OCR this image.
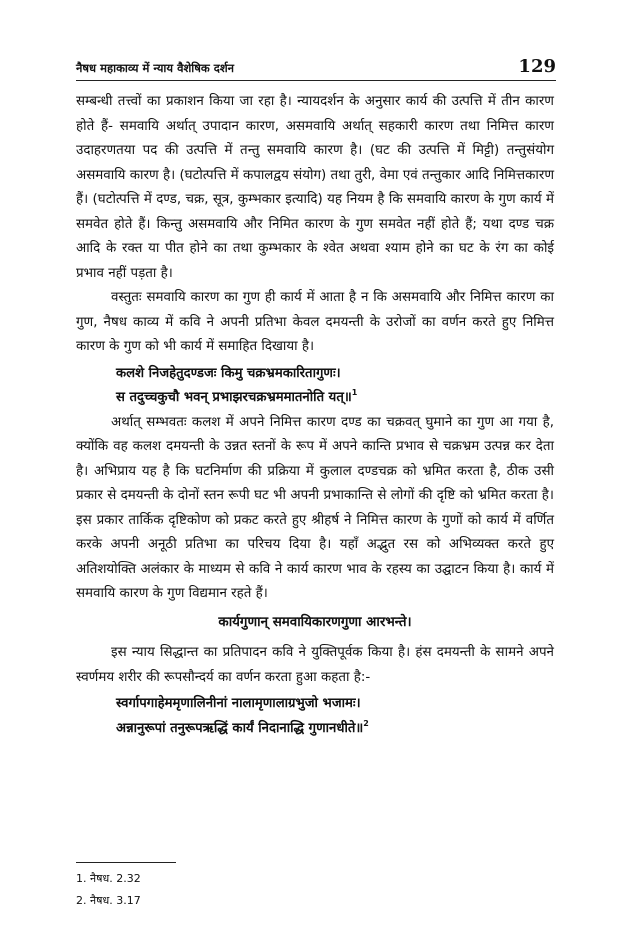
नैषध महाकाव्य में न्याय वैशेषिक दर्शन	129

सम्बन्धी तत्त्वों का प्रकाशन किया जा रहा है। न्यायदर्शन के अनुसार कार्य की उत्पत्ति में तीन कारण होते हैं- समवायि अर्थात् उपादान कारण, असमवायि अर्थात् सहकारी कारण तथा निमित्त कारण उदाहरणतया पद की उत्पत्ति में तन्तु समवायि कारण है। (घट की उत्पत्ति में मिट्टी) तन्तुसंयोग असमवायि कारण है। (घटोत्पत्ति में कपालद्वय संयोग) तथा तुरी, वेमा एवं तन्तुकार आदि निमित्तकारण हैं। (घटोत्पत्ति में दण्ड, चक्र, सूत्र, कुम्भकार इत्यादि) यह नियम है कि समवायि कारण के गुण कार्य में समवेत होते हैं। किन्तु असमवायि और निमित कारण के गुण समवेत नहीं होते हैं; यथा दण्ड चक्र आदि के रक्त या पीत होने का तथा कुम्भकार के श्वेत अथवा श्याम होने का घट के रंग का कोई प्रभाव नहीं पड़ता है।

वस्तुतः समवायि कारण का गुण ही कार्य में आता है न कि असमवायि और निमित्त कारण का गुण, नैषध काव्य में कवि ने अपनी प्रतिभा केवल दमयन्ती के उरोजों का वर्णन करते हुए निमित्त कारण के गुण को भी कार्य में समाहित दिखाया है।

कलशे निजहेतुदण्डजः किमु चक्रभ्रमकारितागुणः।
स तदुच्चकुचौ भवन् प्रभाझरचक्रभ्रममातनोति यत्॥$^1$

अर्थात् सम्भवतः कलश में अपने निमित्त कारण दण्ड का चक्रवत् घुमाने का गुण आ गया है, क्योंकि वह कलश दमयन्ती के उन्नत स्तनों के रूप में अपने कान्ति प्रभाव से चक्रभ्रम उत्पन्न कर देता है। अभिप्राय यह है कि घटनिर्माण की प्रक्रिया में कुलाल दण्डचक्र को भ्रमित करता है, ठीक उसी प्रकार से दमयन्ती के दोनों स्तन रूपी घट भी अपनी प्रभाकान्ति से लोगों की दृष्टि को भ्रमित करता है। इस प्रकार तार्किक दृष्टिकोण को प्रकट करते हुए श्रीहर्ष ने निमित्त कारण के गुणों को कार्य में वर्णित करके अपनी अनूठी प्रतिभा का परिचय दिया है। यहाँ अद्भुत रस को अभिव्यक्त करते हुए अतिशयोक्ति अलंकार के माध्यम से कवि ने कार्य कारण भाव के रहस्य का उद्घाटन किया है। कार्य में समवायि कारण के गुण विद्यमान रहते हैं।

कार्यगुणान् समवायिकारणगुणा आरभन्ते।

इस न्याय सिद्धान्त का प्रतिपादन कवि ने युक्तिपूर्वक किया है। हंस दमयन्ती के सामने अपने स्वर्णमय शरीर की रूपसौन्दर्य का वर्णन करता हुआ कहता है:-

स्वर्गापगाहेममृणालिनीनां नालामृणालाग्रभुजो भजामः।
अन्नानुरूपां तनुरूपऋद्धिं कार्यं निदानाद्धि गुणानधीते॥$^2$
1. नैषध. 2.32
2. नैषध. 3.17
